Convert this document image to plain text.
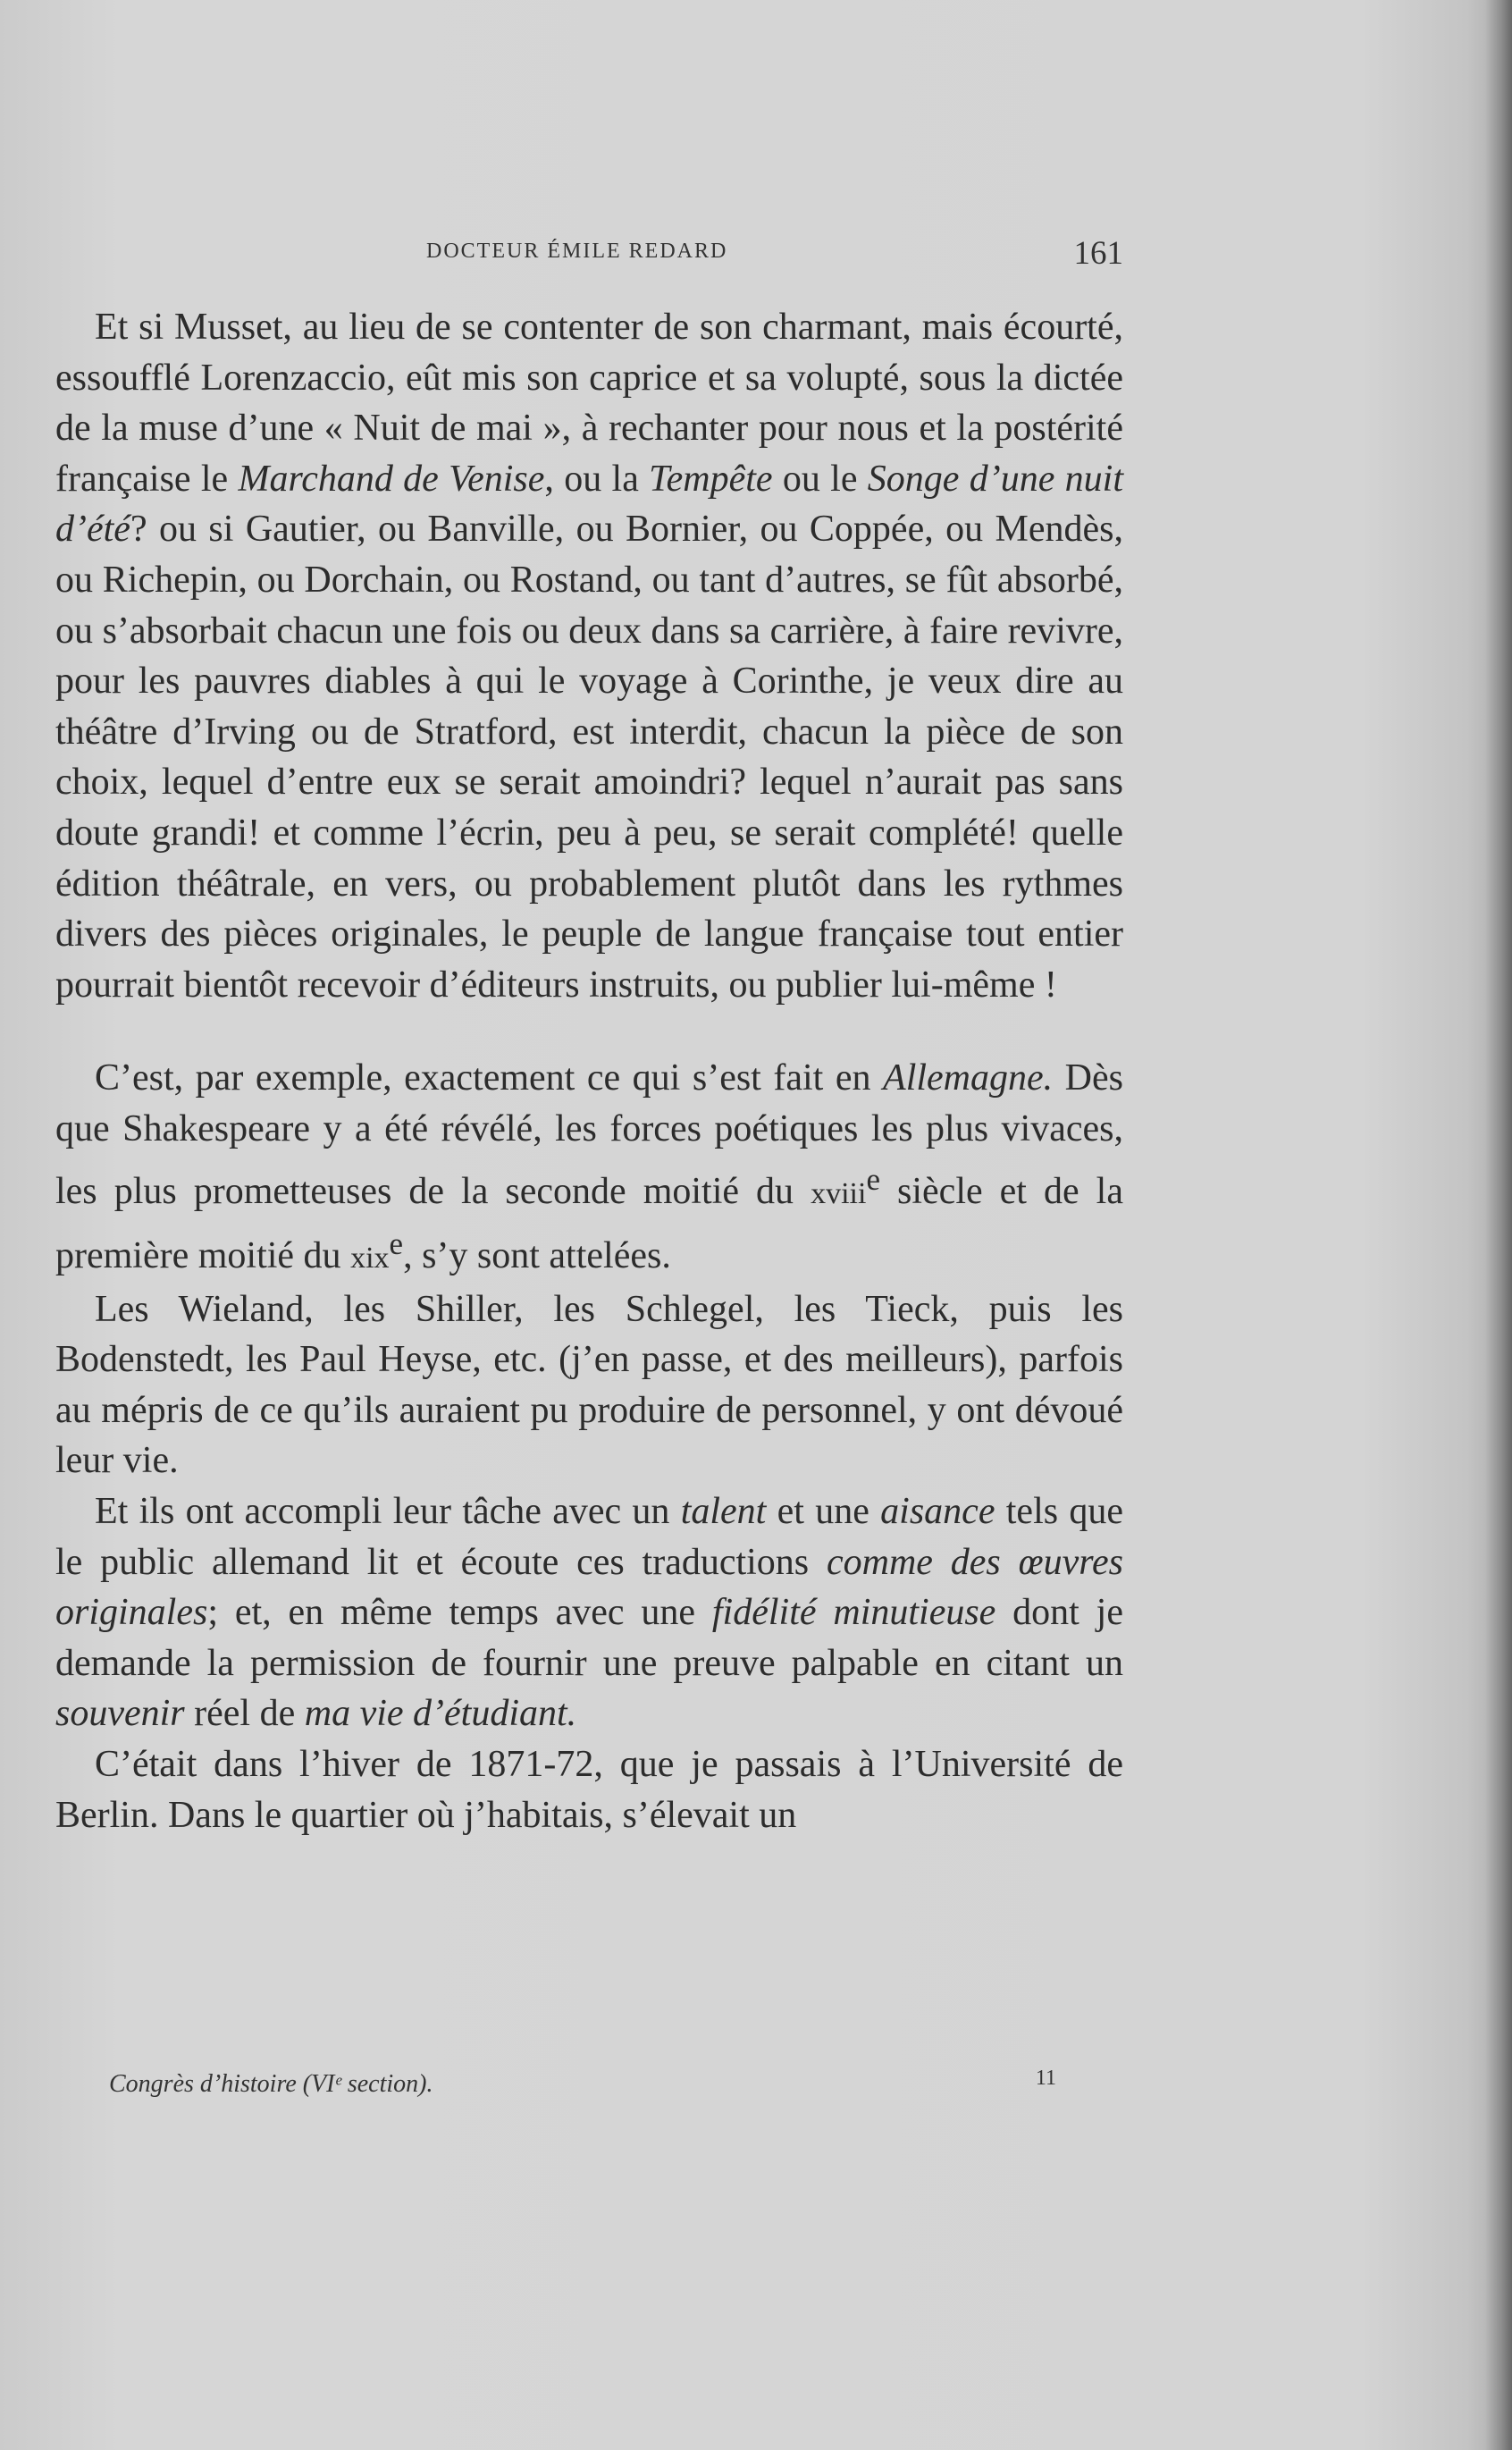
DOCTEUR ÉMILE REDARD	161

Et si Musset, au lieu de se contenter de son charmant, mais écourté, essoufflé Lorenzaccio, eût mis son caprice et sa volupté, sous la dictée de la muse d’une « Nuit de mai », à rechanter pour nous et la postérité française le Marchand de Venise, ou la Tempête ou le Songe d’une nuit d’été? ou si Gautier, ou Banville, ou Bornier, ou Coppée, ou Mendès, ou Richepin, ou Dorchain, ou Rostand, ou tant d’autres, se fût absorbé, ou s’absorbait chacun une fois ou deux dans sa carrière, à faire revivre, pour les pauvres diables à qui le voyage à Corinthe, je veux dire au théâtre d’Irving ou de Stratford, est interdit, chacun la pièce de son choix, lequel d’entre eux se serait amoindri? lequel n’aurait pas sans doute grandi! et comme l’écrin, peu à peu, se serait complété! quelle édition théâtrale, en vers, ou probablement plutôt dans les rythmes divers des pièces originales, le peuple de langue française tout entier pourrait bientôt recevoir d’éditeurs instruits, ou publier lui-même !

C’est, par exemple, exactement ce qui s’est fait en Allemagne. Dès que Shakespeare y a été révélé, les forces poétiques les plus vivaces, les plus prometteuses de la seconde moitié du xviii$^e$ siècle et de la première moitié du xix$^e$, s’y sont attelées.

Les Wieland, les Shiller, les Schlegel, les Tieck, puis les Bodenstedt, les Paul Heyse, etc. (j’en passe, et des meilleurs), parfois au mépris de ce qu’ils auraient pu produire de personnel, y ont dévoué leur vie.

Et ils ont accompli leur tâche avec un talent et une aisance tels que le public allemand lit et écoute ces traductions comme des œuvres originales; et, en même temps avec une fidélité minutieuse dont je demande la permission de fournir une preuve palpable en citant un souvenir réel de ma vie d’étudiant.

C’était dans l’hiver de 1871-72, que je passais à l’Université de Berlin. Dans le quartier où j’habitais, s’élevait un

Congrès d’histoire (VIᵉ section).	11
